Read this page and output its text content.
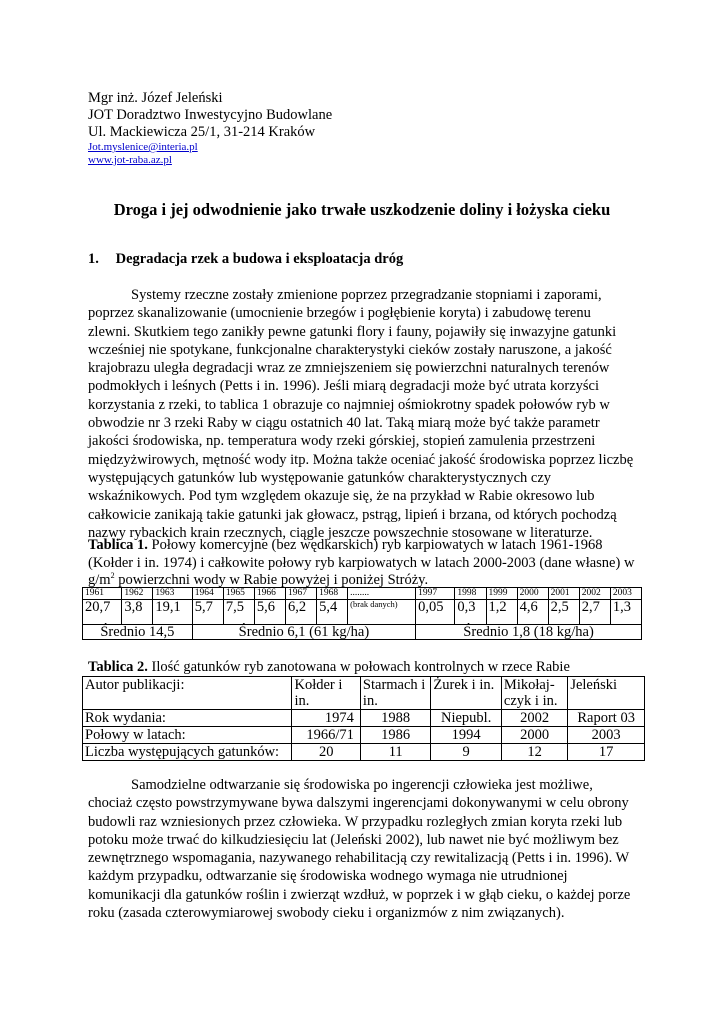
Mgr inż. Józef Jeleński
JOT Doradztwo Inwestycyjno Budowlane
Ul. Mackiewicza 25/1, 31-214 Kraków
Jot.myslenice@interia.pl
www.jot-raba.az.pl
Droga i jej odwodnienie jako trwałe uszkodzenie doliny i łożyska cieku
1. Degradacja rzek a budowa i eksploatacja dróg

Systemy rzeczne zostały zmienione poprzez przegradzanie stopniami i zaporami,
poprzez skanalizowanie (umocnienie brzegów i pogłębienie koryta) i zabudowę terenu
zlewni. Skutkiem tego zanikły pewne gatunki flory i fauny, pojawiły się inwazyjne gatunki
wcześniej nie spotykane, funkcjonalne charakterystyki cieków zostały naruszone, a jakość
krajobrazu uległa degradacji wraz ze zmniejszeniem się powierzchni naturalnych terenów
podmokłych i leśnych (Petts i in. 1996). Jeśli miarą degradacji może być utrata korzyści
korzystania z rzeki, to tablica 1 obrazuje co najmniej ośmiokrotny spadek połowów ryb w
obwodzie nr 3 rzeki Raby w ciągu ostatnich 40 lat. Taką miarą może być także parametr
jakości środowiska, np. temperatura wody rzeki górskiej, stopień zamulenia przestrzeni
międzyżwirowych, mętność wody itp. Można także oceniać jakość środowiska poprzez liczbę
występujących gatunków lub występowanie gatunków charakterystycznych czy
wskaźnikowych. Pod tym względem okazuje się, że na przykład w Rabie okresowo lub
całkowicie zanikają takie gatunki jak głowacz, pstrąg, lipień i brzana, od których pochodzą
nazwy rybackich krain rzecznych, ciągle jeszcze powszechnie stosowane w literaturze.

Tablica 1. Połowy komercyjne (bez wędkarskich) ryb karpiowatych w latach 1961-1968
(Kołder i in. 1974) i całkowite połowy ryb karpiowatych w latach 2000-2003 (dane własne) w
$g/m^2$ powierzchni wody w Rabie powyżej i poniżej Stróży.
1961	1962	1963	1964	1965	1966	1967	1968	........	1997	1998	1999	2000	2001	2002	2003
20,7	3,8	19,1	5,7	7,5	5,6	6,2	5,4	(brak danych)	0,05	0,3	1,2	4,6	2,5	2,7	1,3
Średnio 14,5			Średnio 6,1 (61 kg/ha)						Średnio 1,8 (18 kg/ha)						
Tablica 2. Ilość gatunków ryb zanotowana w połowach kontrolnych w rzece Rabie
Autor publikacji:	Kołder i in.	Starmach i in.	Żurek i in.	Mikołaj-czyk i in.	Jeleński
Rok wydania:	1974	1988	Niepubl.	2002	Raport 03
Połowy w latach:	1966/71	1986	1994	2000	2003
Liczba występujących gatunków:	20	11	9	12	17

Samodzielne odtwarzanie się środowiska po ingerencji człowieka jest możliwe,
chociaż często powstrzymywane bywa dalszymi ingerencjami dokonywanymi w celu obrony
budowli raz wzniesionych przez człowieka. W przypadku rozległych zmian koryta rzeki lub
potoku może trwać do kilkudziesięciu lat (Jeleński 2002), lub nawet nie być możliwym bez
zewnętrznego wspomagania, nazywanego rehabilitacją czy rewitalizacją (Petts i in. 1996). W
każdym przypadku, odtwarzanie się środowiska wodnego wymaga nie utrudnionej
komunikacji dla gatunków roślin i zwierząt wzdłuż, w poprzek i w głąb cieku, o każdej porze
roku (zasada czterowymiarowej swobody cieku i organizmów z nim związanych).
